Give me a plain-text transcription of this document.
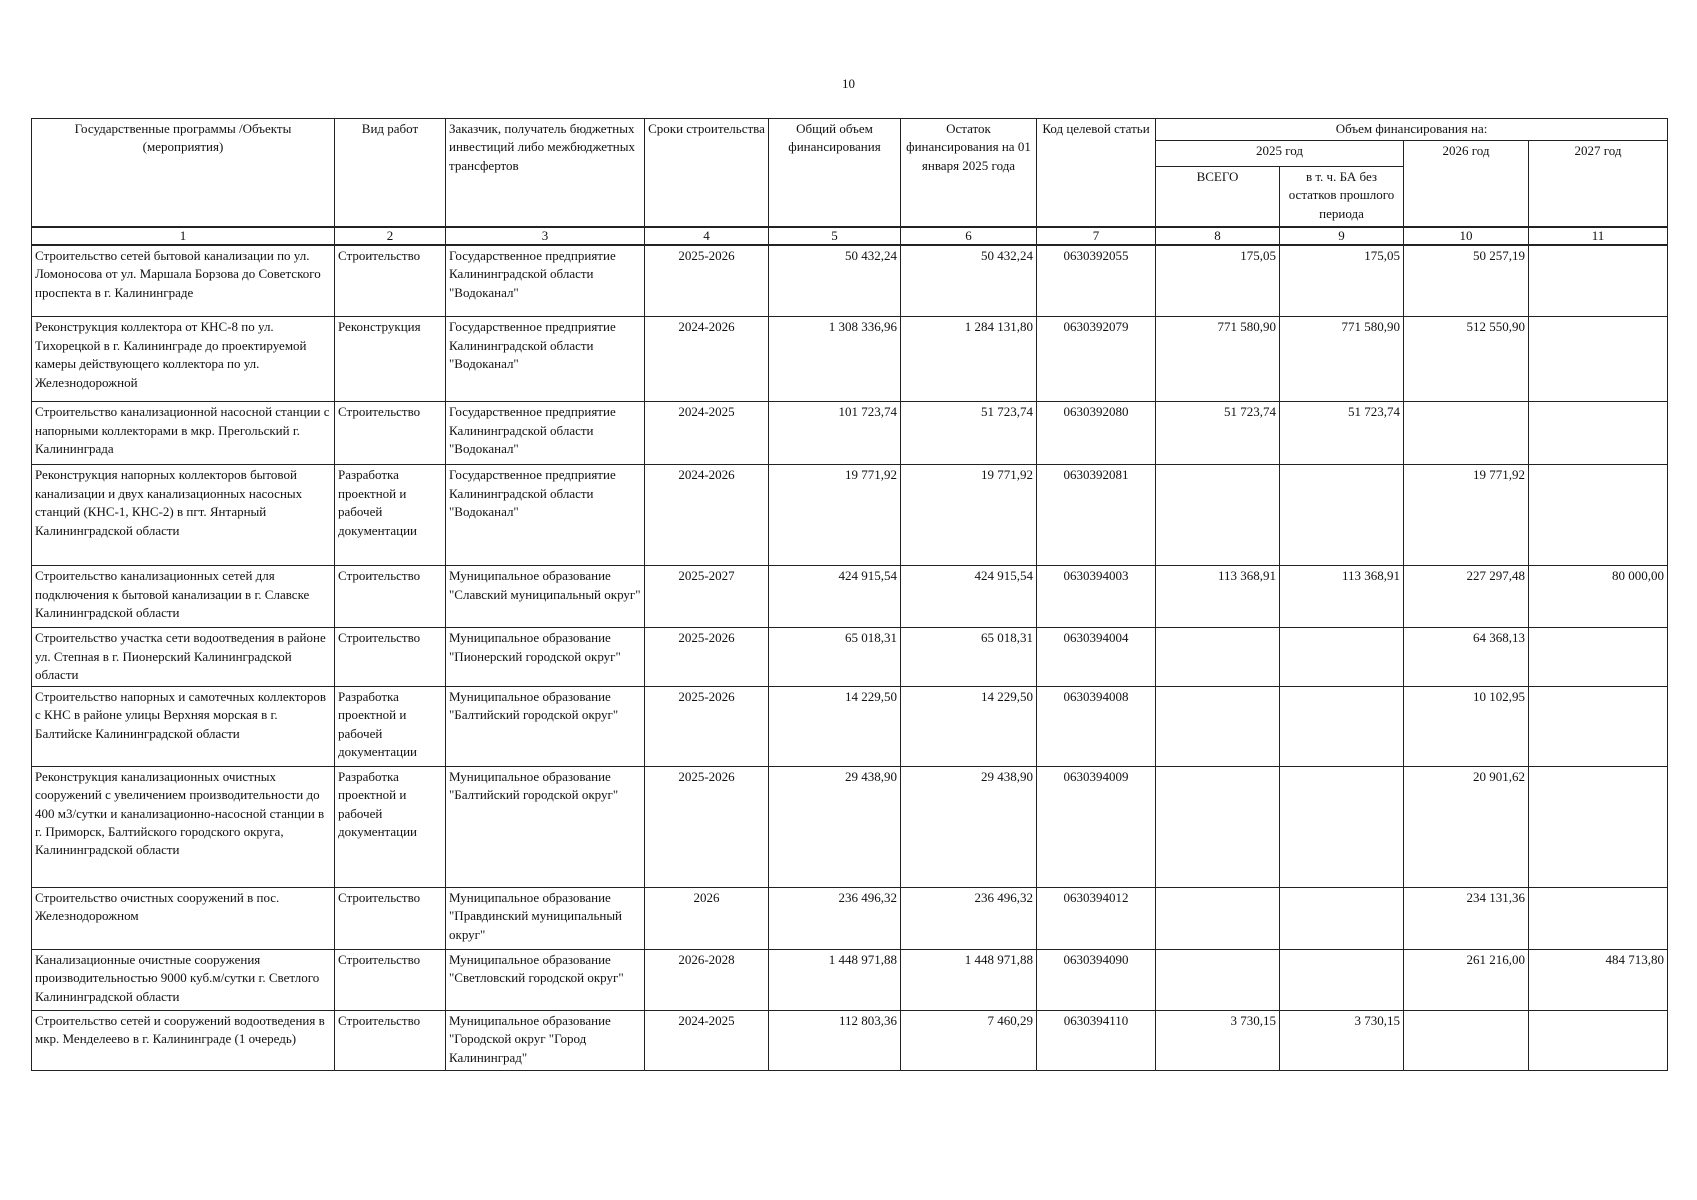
10
Государственные программы /Объекты (мероприятия)	Вид работ	Заказчик, получатель бюджетных инвестиций либо межбюджетных трансфертов	Сроки строительства	Общий объем финансирования	Остаток финансирования на 01 января 2025 года	Код целевой статьи	Объем финансирования на:			
							2025 год		2026 год	2027 год
							ВСЕГО	в т. ч. БА без остатков прошлого периода		
1	2	3	4	5	6	7	8	9	10	11
Строительство сетей бытовой канализации по ул. Ломоносова от ул. Маршала Борзова до Советского проспекта в г. Калининграде	Строительство	Государственное предприятие Калининградской области "Водоканал"	2025-2026	50 432,24	50 432,24	0630392055	175,05	175,05	50 257,19	
Реконструкция коллектора от КНС-8 по ул. Тихорецкой в г. Калининграде до проектируемой камеры действующего коллектора по ул. Железнодорожной	Реконструкция	Государственное предприятие Калининградской области "Водоканал"	2024-2026	1 308 336,96	1 284 131,80	0630392079	771 580,90	771 580,90	512 550,90	
Строительство канализационной насосной станции с напорными коллекторами в мкр. Прегольский г. Калининграда	Строительство	Государственное предприятие Калининградской области "Водоканал"	2024-2025	101 723,74	51 723,74	0630392080	51 723,74	51 723,74		
Реконструкция напорных коллекторов бытовой канализации и двух канализационных насосных станций (КНС-1, КНС-2) в пгт. Янтарный Калининградской области	Разработка проектной и рабочей документации	Государственное предприятие Калининградской области "Водоканал"	2024-2026	19 771,92	19 771,92	0630392081			19 771,92	
Строительство канализационных сетей для подключения к бытовой канализации в г. Славске Калининградской области	Строительство	Муниципальное образование "Славский муниципальный округ"	2025-2027	424 915,54	424 915,54	0630394003	113 368,91	113 368,91	227 297,48	80 000,00
Строительство участка сети водоотведения в районе ул. Степная в г. Пионерский Калининградской области	Строительство	Муниципальное образование "Пионерский городской округ"	2025-2026	65 018,31	65 018,31	0630394004			64 368,13	
Строительство напорных и самотечных коллекторов с КНС в районе улицы Верхняя морская в г. Балтийске Калининградской области	Разработка проектной и рабочей документации	Муниципальное образование "Балтийский городской округ"	2025-2026	14 229,50	14 229,50	0630394008			10 102,95	
Реконструкция канализационных очистных сооружений с увеличением производительности до 400 м3/сутки и канализационно-насосной станции в г. Приморск, Балтийского городского округа, Калининградской области	Разработка проектной и рабочей документации	Муниципальное образование "Балтийский городской округ"	2025-2026	29 438,90	29 438,90	0630394009			20 901,62	
Строительство очистных сооружений в пос. Железнодорожном	Строительство	Муниципальное образование "Правдинский муниципальный округ"	2026	236 496,32	236 496,32	0630394012			234 131,36	
Канализационные очистные сооружения производительностью 9000 куб.м/сутки г. Светлого Калининградской области	Строительство	Муниципальное образование "Светловский городской округ"	2026-2028	1 448 971,88	1 448 971,88	0630394090			261 216,00	484 713,80
Строительство сетей и сооружений водоотведения в мкр. Менделеево в г. Калининграде (1 очередь)	Строительство	Муниципальное образование "Городской округ "Город Калининград"	2024-2025	112 803,36	7 460,29	0630394110	3 730,15	3 730,15		
